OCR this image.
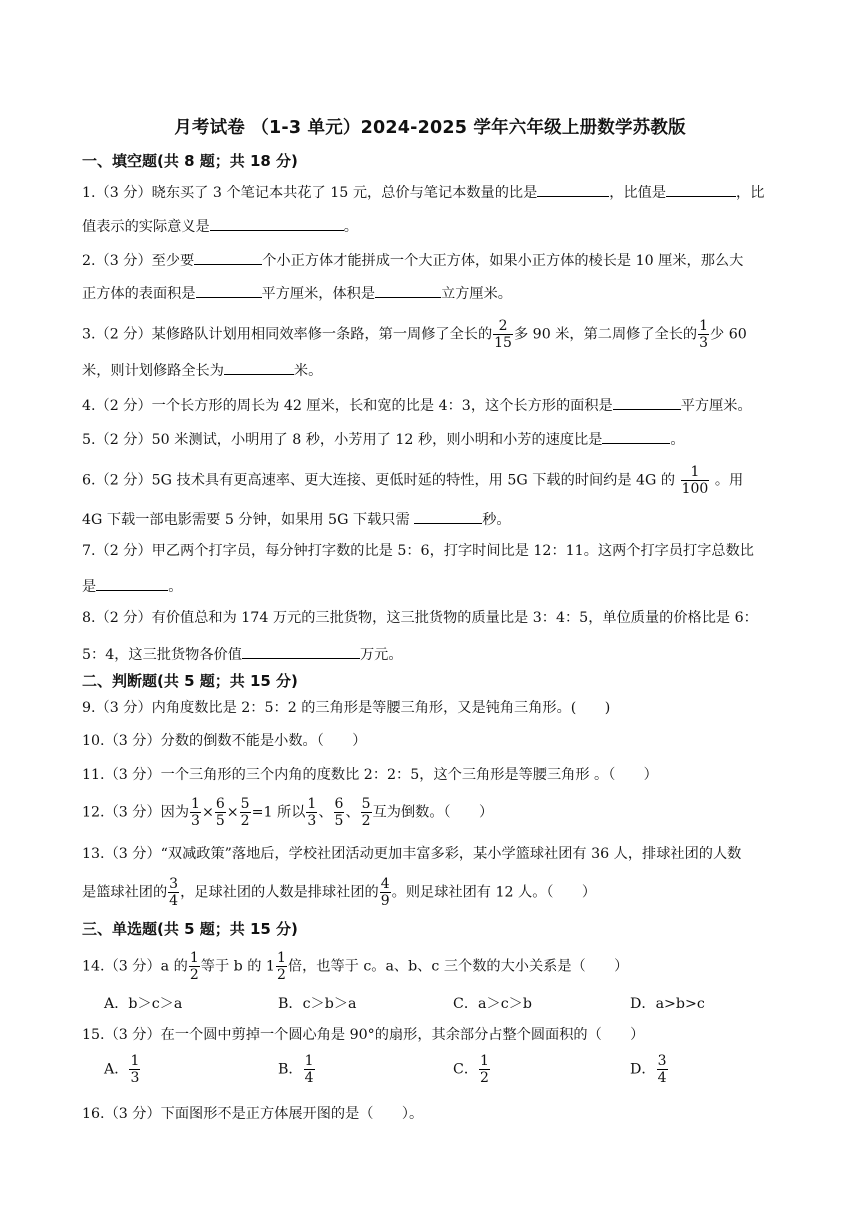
月考试卷 （1-3 单元）2024-2025 学年六年级上册数学苏教版
一、填空题(共 8 题；共 18 分)
1.（3 分）晓东买了 3 个笔记本共花了 15 元，总价与笔记本数量的比是	，比值是	，比
值表示的实际意义是	。
2.（3 分）至少要	个小正方体才能拼成一个大正方体，如果小正方体的棱长是 10 厘米，那么大
正方体的表面积是	平方厘米，体积是	立方厘米。
3.（2 分）某修路队计划用相同效率修一条路，第一周修了全长的 $\frac{2}{15}$ 多 90 米，第二周修了全长的 $\frac{1}{3}$ 少 60
米，则计划修路全长为	米。
4.（2 分）一个长方形的周长为 42 厘米，长和宽的比是 4：3，这个长方形的面积是	平方厘米。
5.（2 分）50 米测试，小明用了 8 秒，小芳用了 12 秒，则小明和小芳的速度比是	。
6.（2 分）5G 技术具有更高速率、更大连接、更低时延的特性，用 5G 下载的时间约是 4G 的 $\frac{1}{100}$ 。用
4G 下载一部电影需要 5 分钟，如果用 5G 下载只需	秒。
7.（2 分）甲乙两个打字员，每分钟打字数的比是 5：6，打字时间比是 12：11。这两个打字员打字总数比
是	。
8.（2 分）有价值总和为 174 万元的三批货物，这三批货物的质量比是 3：4：5，单位质量的价格比是 6：
5：4，这三批货物各价值	万元。
二、判断题(共 5 题；共 15 分)
9.（3 分）内角度数比是 2：5：2 的三角形是等腰三角形，又是钝角三角形。(　　)
10.（3 分）分数的倒数不能是小数。（　　）
11.（3 分）一个三角形的三个内角的度数比 2：2：5，这个三角形是等腰三角形 。（　　）
12.（3 分）因为 $\frac{1}{3} \times \frac{6}{5} \times \frac{5}{2} =1$ 所以 $\frac{1}{3}$ 、 $\frac{6}{5}$ 、 $\frac{5}{2}$ 互为倒数。（　　）
13.（3 分）“双减政策”落地后，学校社团活动更加丰富多彩，某小学篮球社团有 36 人，排球社团的人数
是篮球社团的 $\frac{3}{4}$ ，足球社团的人数是排球社团的 $\frac{4}{9}$ 。则足球社团有 12 人。（　　）
三、单选题(共 5 题；共 15 分)
14.（3 分）a 的 $\frac{1}{2}$ 等于 b 的 $1 \frac{1}{2}$ 倍，也等于 c。a、b、c 三个数的大小关系是（　　）
A．b＞c＞a	B．c＞b＞a	C．a＞c＞b	D．a>b>c
15.（3 分）在一个圆中剪掉一个圆心角是 90°的扇形，其余部分占整个圆面积的（　　）
A． $\frac{1}{3}$	B． $\frac{1}{4}$	C． $\frac{1}{2}$	D． $\frac{3}{4}$
16.（3 分）下面图形不是正方体展开图的是（　　）。
